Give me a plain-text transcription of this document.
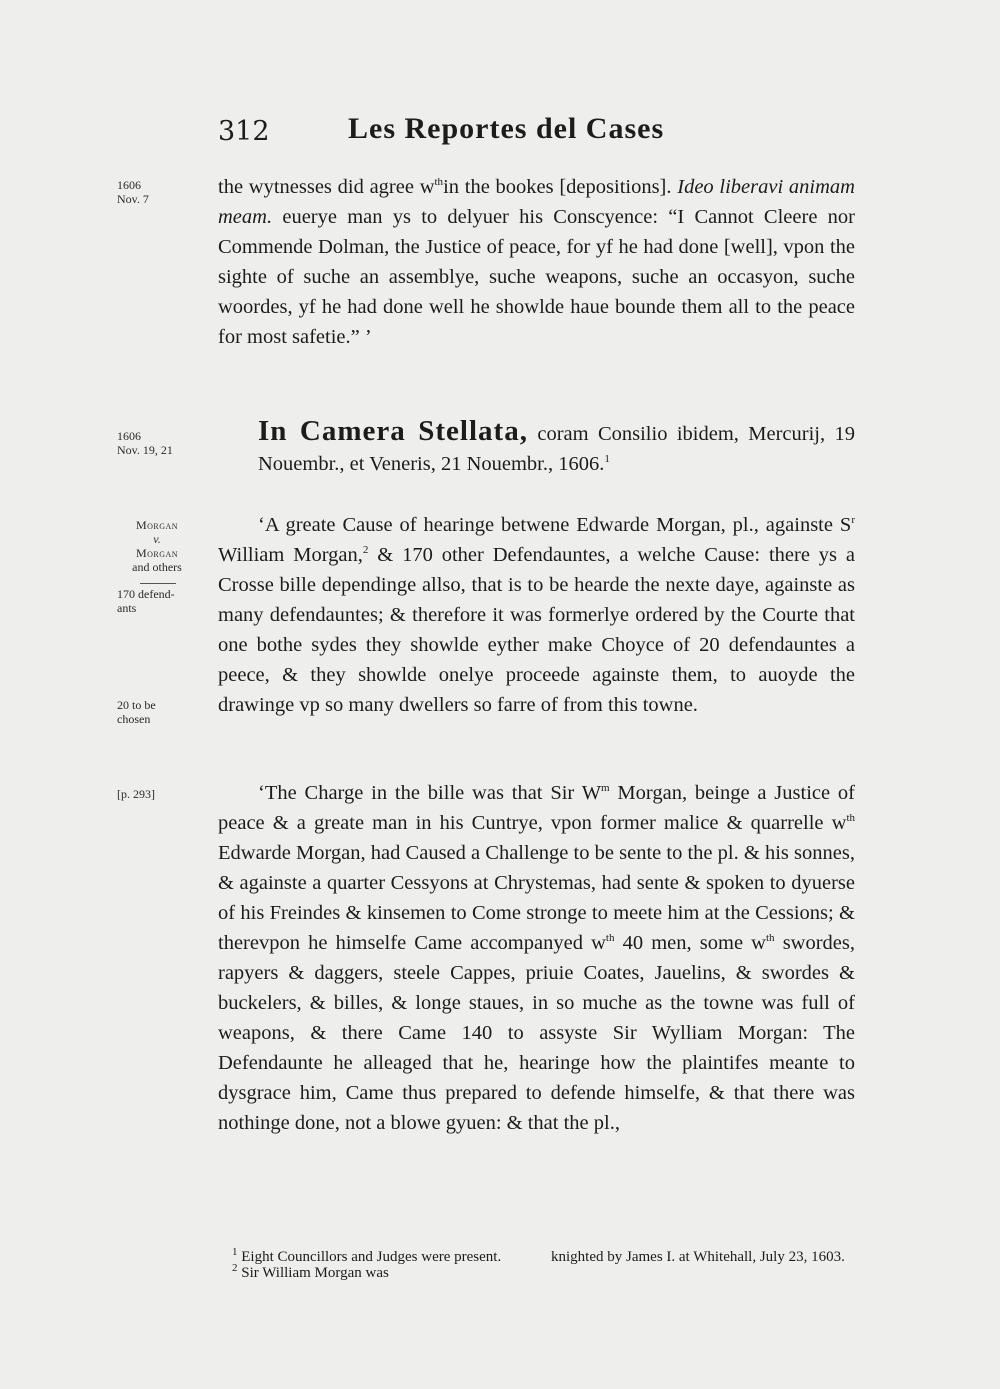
312	Les Reportes del Cases
1606
Nov. 7
1606
Nov. 19, 21
Morgan
v.
Morgan
and others
170 defend-
ants
20 to be
chosen
[p. 293]

the wytnesses did agree $w^{th}in$ the bookes [depositions]. Ideo liberavi animam meam. euerye man ys to delyuer his Conscyence: “I Cannot Cleere nor Commende Dolman, the Justice of peace, for yf he had done [well], vpon the sighte of suche an assemblye, suche weapons, suche an occasyon, suche woordes, yf he had done well he showlde haue bounde them all to the peace for most safetie.” ’

In Camera Stellata, coram Consilio ibidem, Mercurij, 19 Nouembr., et Veneris, 21 Nouembr., 1606.$^1$

‘A greate Cause of hearinge betwene Edwarde Morgan, pl., againste $S^r$ William Morgan,$^2$ & 170 other Defendauntes, a welche Cause: there ys a Crosse bille dependinge allso, that is to be hearde the nexte daye, againste as many defendauntes; & therefore it was formerlye ordered by the Courte that one bothe sydes they showlde eyther make Choyce of 20 defendauntes a peece, & they showlde onelye proceede againste them, to auoyde the drawinge vp so many dwellers so farre of from this towne.

‘The Charge in the bille was that Sir $W^m$ Morgan, beinge a Justice of peace & a greate man in his Cuntrye, vpon former malice & quarrelle $w^{th}$ Edwarde Morgan, had Caused a Challenge to be sente to the pl. & his sonnes, & againste a quarter Cessyons at Chrystemas, had sente & spoken to dyuerse of his Freindes & kinsemen to Come stronge to meete him at the Cessions; & therevpon he himselfe Came accompanyed $w^{th}$ 40 men, some $w^{th}$ swordes, rapyers & daggers, steele Cappes, priuie Coates, Jauelins, & swordes & buckelers, & billes, & longe staues, in so muche as the towne was full of weapons, & there Came 140 to assyste Sir Wylliam Morgan: The Defendaunte he alleaged that he, hearinge how the plaintifes meante to dysgrace him, Came thus prepared to defende himselfe, & that there was nothinge done, not a blowe gyuen: & that the pl.,

$^1$ Eight Councillors and Judges were present.
$^2$ Sir William Morgan was
knighted by James I. at Whitehall, July 23, 1603.
